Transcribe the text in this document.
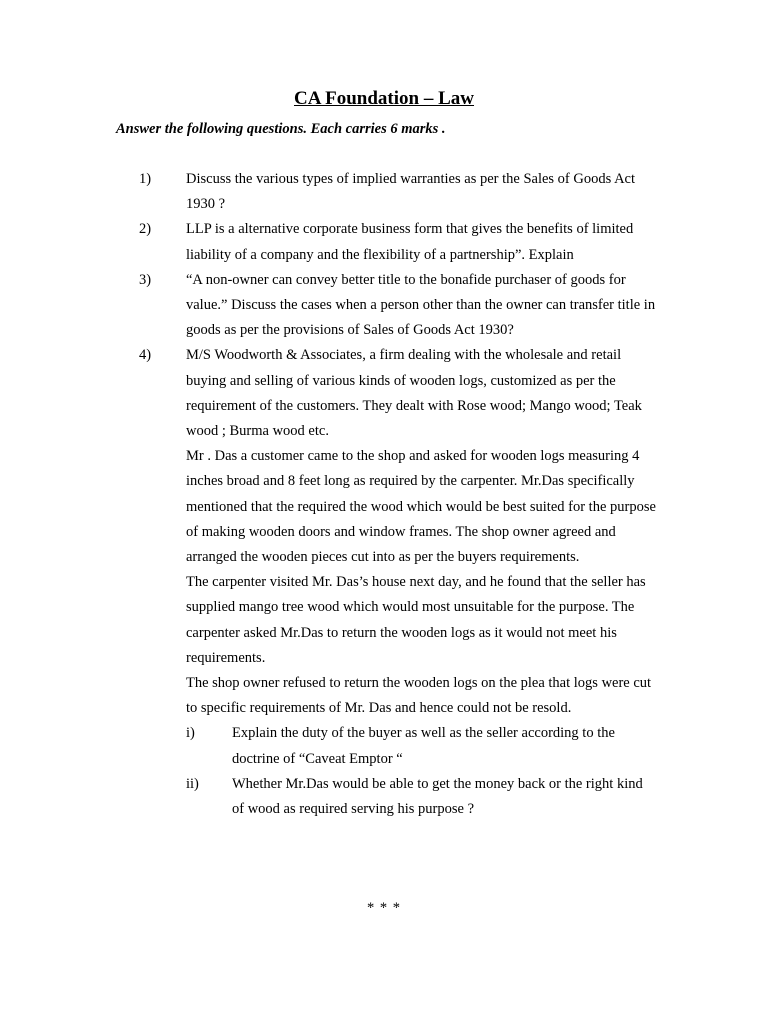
CA Foundation – Law
Answer the following questions. Each carries 6 marks .
1) Discuss the various types of implied warranties as per the Sales of Goods Act 1930 ?

2) LLP is a alternative corporate business form that gives the benefits of limited liability of a company and the flexibility of a partnership”. Explain

3) “A non-owner can convey better title to the bonafide purchaser of goods for value.” Discuss the cases when a person other than the owner can transfer title in goods as per the provisions of Sales of Goods Act 1930?

4) M/S Woodworth & Associates, a firm dealing with the wholesale and retail buying and selling of various kinds of wooden logs, customized as per the requirement of the customers. They dealt with Rose wood; Mango wood; Teak wood ; Burma wood etc.

Mr . Das a customer came to the shop and asked for wooden logs measuring 4 inches broad and 8 feet long as required by the carpenter. Mr.Das specifically mentioned that the required the wood which would be best suited for the purpose of making wooden doors and window frames. The shop owner agreed and arranged the wooden pieces cut into as per the buyers requirements.

The carpenter visited Mr. Das’s house next day, and he found that the seller has supplied mango tree wood which would most unsuitable for the purpose. The carpenter asked Mr.Das to return the wooden logs as it would not meet his requirements.

The shop owner refused to return the wooden logs on the plea that logs were cut to specific requirements of Mr. Das and hence could not be resold.

i)	Explain the duty of the buyer as well as the seller according to the doctrine of “Caveat Emptor “
ii) Whether Mr.Das would be able to get the money back or the right kind of wood as required serving his purpose ?
* * *
